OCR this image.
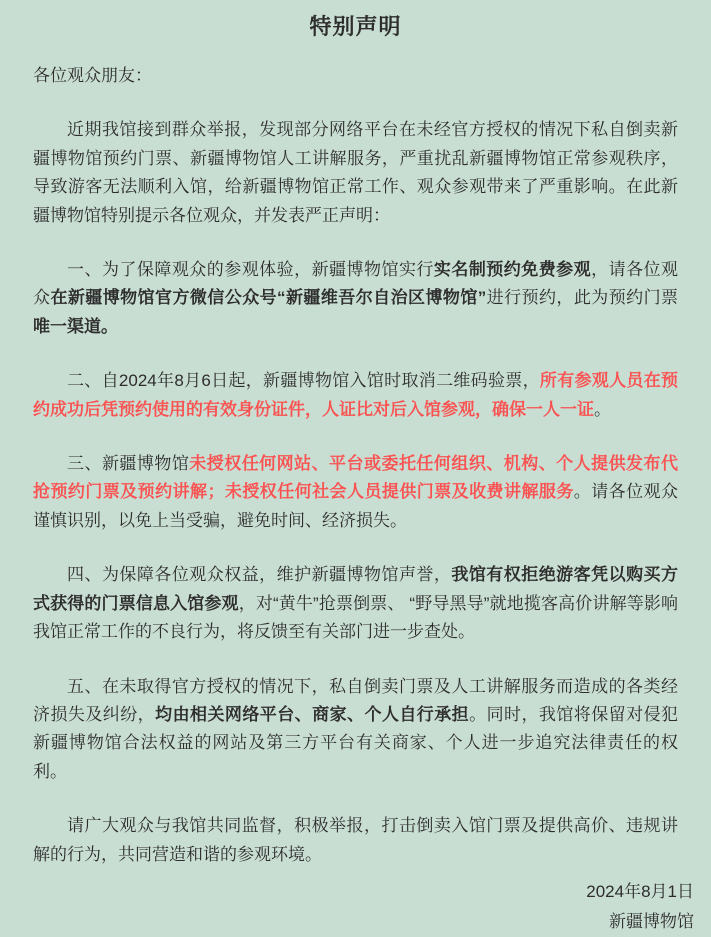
特别声明

各位观众朋友：

近期我馆接到群众举报，发现部分网络平台在未经官方授权的情况下私自倒卖新疆博物馆预约门票、新疆博物馆人工讲解服务，严重扰乱新疆博物馆正常参观秩序，导致游客无法顺利入馆，给新疆博物馆正常工作、观众参观带来了严重影响。在此新疆博物馆特别提示各位观众，并发表严正声明：

一、为了保障观众的参观体验，新疆博物馆实行实名制预约免费参观，请各位观众在新疆博物馆官方微信公众号“新疆维吾尔自治区博物馆”进行预约，此为预约门票唯一渠道。

二、自2024年8月6日起，新疆博物馆入馆时取消二维码验票，所有参观人员在预约成功后凭预约使用的有效身份证件，人证比对后入馆参观，确保一人一证。

三、新疆博物馆未授权任何网站、平台或委托任何组织、机构、个人提供发布代抢预约门票及预约讲解；未授权任何社会人员提供门票及收费讲解服务。请各位观众谨慎识别，以免上当受骗，避免时间、经济损失。

四、为保障各位观众权益，维护新疆博物馆声誉，我馆有权拒绝游客凭以购买方式获得的门票信息入馆参观，对“黄牛”抢票倒票、 “野导黑导”就地揽客高价讲解等影响我馆正常工作的不良行为，将反馈至有关部门进一步查处。

五、在未取得官方授权的情况下，私自倒卖门票及人工讲解服务而造成的各类经济损失及纠纷，均由相关网络平台、商家、个人自行承担。同时，我馆将保留对侵犯新疆博物馆合法权益的网站及第三方平台有关商家、个人进一步追究法律责任的权利。

请广大观众与我馆共同监督，积极举报，打击倒卖入馆门票及提供高价、违规讲解的行为，共同营造和谐的参观环境。

2024年8月1日
新疆博物馆
